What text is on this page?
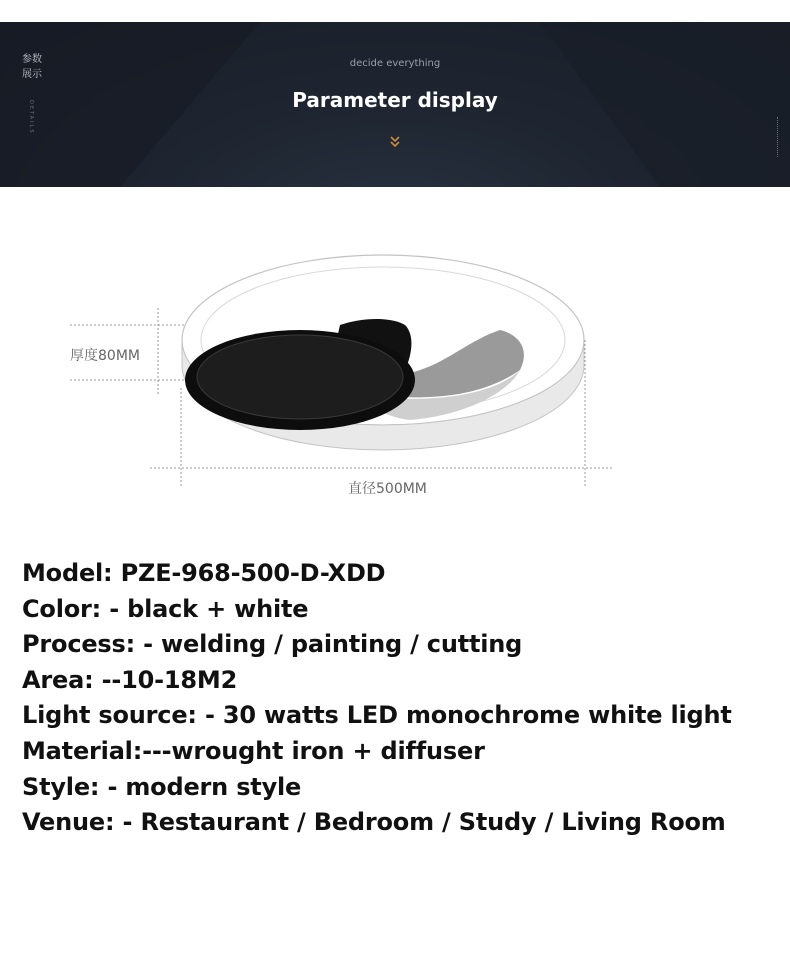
参数
展示
DETAILS
decide everything
Parameter display
厚度80MM
直径500MM
Model: PZE-968-500-D-XDD
Color: - black + white
Process: - welding / painting / cutting
Area: --10-18M2
Light source: - 30 watts LED monochrome white light
Material:---wrought iron + diffuser
Style: - modern style
Venue: - Restaurant / Bedroom / Study / Living Room
